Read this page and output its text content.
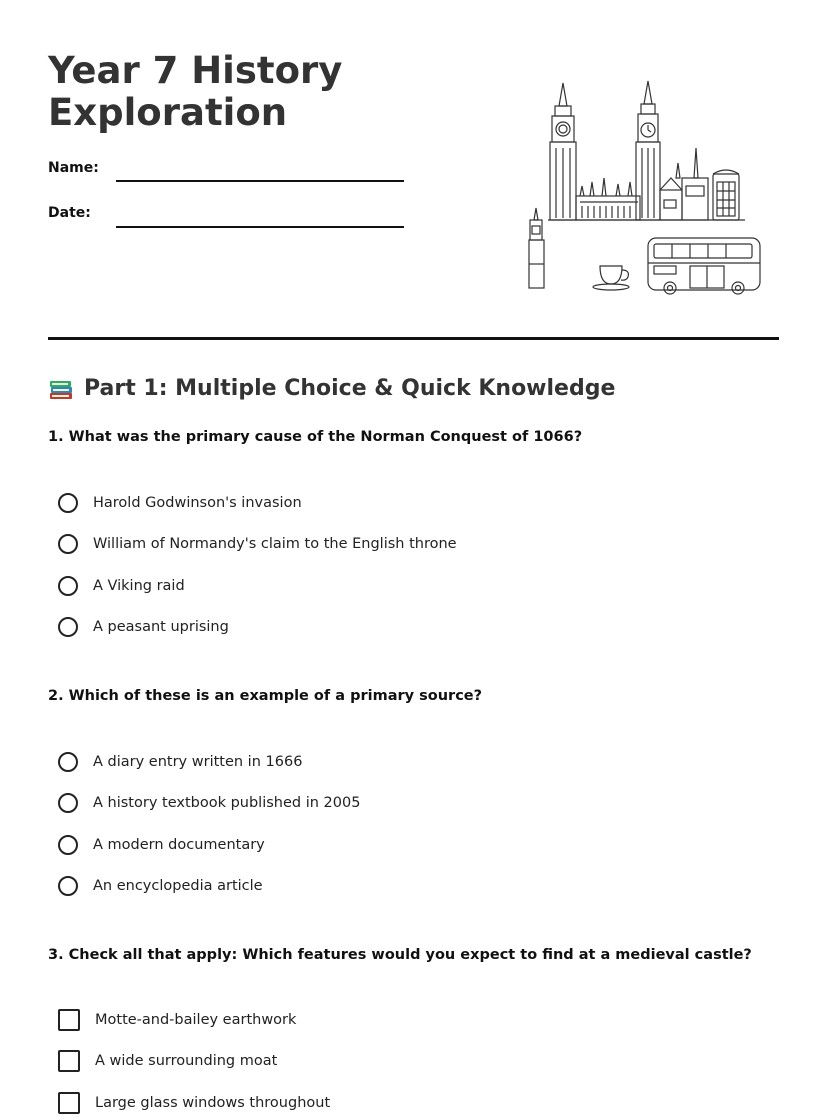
Year 7 History
Exploration
Name:
Date:
Part 1: Multiple Choice & Quick Knowledge
1. What was the primary cause of the Norman Conquest of 1066?
Harold Godwinson's invasion
William of Normandy's claim to the English throne
A Viking raid
A peasant uprising
2. Which of these is an example of a primary source?
A diary entry written in 1666
A history textbook published in 2005
A modern documentary
An encyclopedia article
3. Check all that apply: Which features would you expect to find at a medieval castle?
Motte-and-bailey earthwork
A wide surrounding moat
Large glass windows throughout
